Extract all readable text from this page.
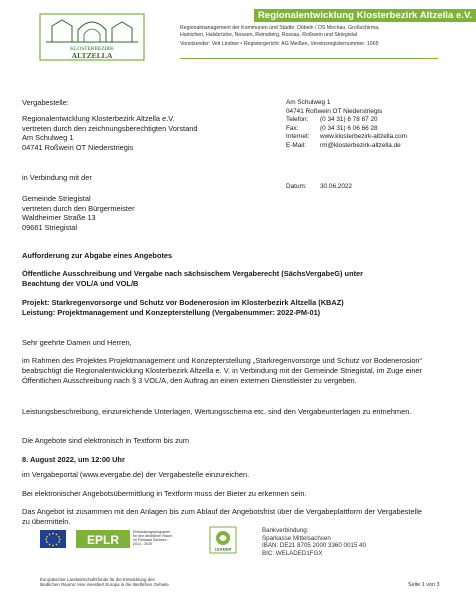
KLOSTERBEZIRK
ALTZELLA
Regionalentwicklung Klosterbezirk Altzella e.V.
Regionalmanagement der Kommunen und Städte: Döbeln / OS Mochau, Großschirma,
Hainichen, Halsbrücke, Nossen, Reinsberg, Rossau, Roßwein und Striegistal
Vorsitzender: Veit Lindner • Registergericht: AG Meißen, Vereinsregisternummer: 1065
Vergabestelle:
Regionalentwicklung Klosterbezirk Altzella e.V.
vertreten durch den zeichnungsberechtigten Vorstand
Am Schulweg 1
04741 Roßwein OT Niederstriegis
in Verbindung mit der
Gemeinde Striegistal
vertreten durch den Bürgermeister
Waldheimer Straße 13
09661 Striegistal
Am Schulweg 1
04741 Roßwein OT Niederstriegis
Telefon:	(0 34 31) 6 78 87 20
Fax:	(0 34 31) 6 06 66 28
Internet:	www.klosterbezirk-altzella.com
E-Mail:	rm@klosterbezirk-altzella.de
Datum:	30.06.2022
Aufforderung zur Abgabe eines Angebotes
Öffentliche Ausschreibung und Vergabe nach sächsischem Vergaberecht (SächsVergabeG) unter
Beachtung der VOL/A und VOL/B
Projekt: Starkregenvorsorge und Schutz vor Bodenerosion im Klosterbezirk Altzella (KBAZ)
Leistung: Projektmanagement und Konzepterstellung (Vergabenummer: 2022-PM-01)
Sehr geehrte Damen und Herren,
im Rahmen des Projektes Projektmanagement und Konzepterstellung „Starkregenvorsorge und Schutz vor Bodenerosion“ beabsichtigt die Regionalentwicklung Klosterbezirk Altzella e. V. in Verbindung mit der Gemeinde Striegistal, im Zuge einer Öffentlichen Ausschreibung nach § 3 VOL/A, den Auftrag an einen externen Dienstleister zu vergeben.
Leistungsbeschreibung, einzureichende Unterlagen, Wertungsschema etc. sind den Vergabeunterlagen zu entnehmen.
Die Angebote sind elektronisch in Textform bis zum
8. August 2022, um 12:00 Uhr
im Vergabeportal (www.evergabe.de) der Vergabestelle einzureichen.
Bei elektronischer Angebotsübermittlung in Textform muss der Bieter zu erkennen sein.
Das Angebot ist zusammen mit den Anlagen bis zum Ablauf der Angebotsfrist über die Vergabeplattform der Vergabestelle zu übermitteln.
EPLR
Entwicklungsprogramm
für den ländlichen Raum
im Freistaat Sachsen
2014 - 2020
LEADER
Europäischer Landwirtschaftsfonds für die Entwicklung des
ländlichen Raums: Hier investiert Europa in die ländlichen Gebiete
Bankverbindung:
Sparkasse Mittelsachsen
IBAN: DE21 8705 2000 3360 0015 40
BIC: WELADED1FGX
Seite 1 von 3
